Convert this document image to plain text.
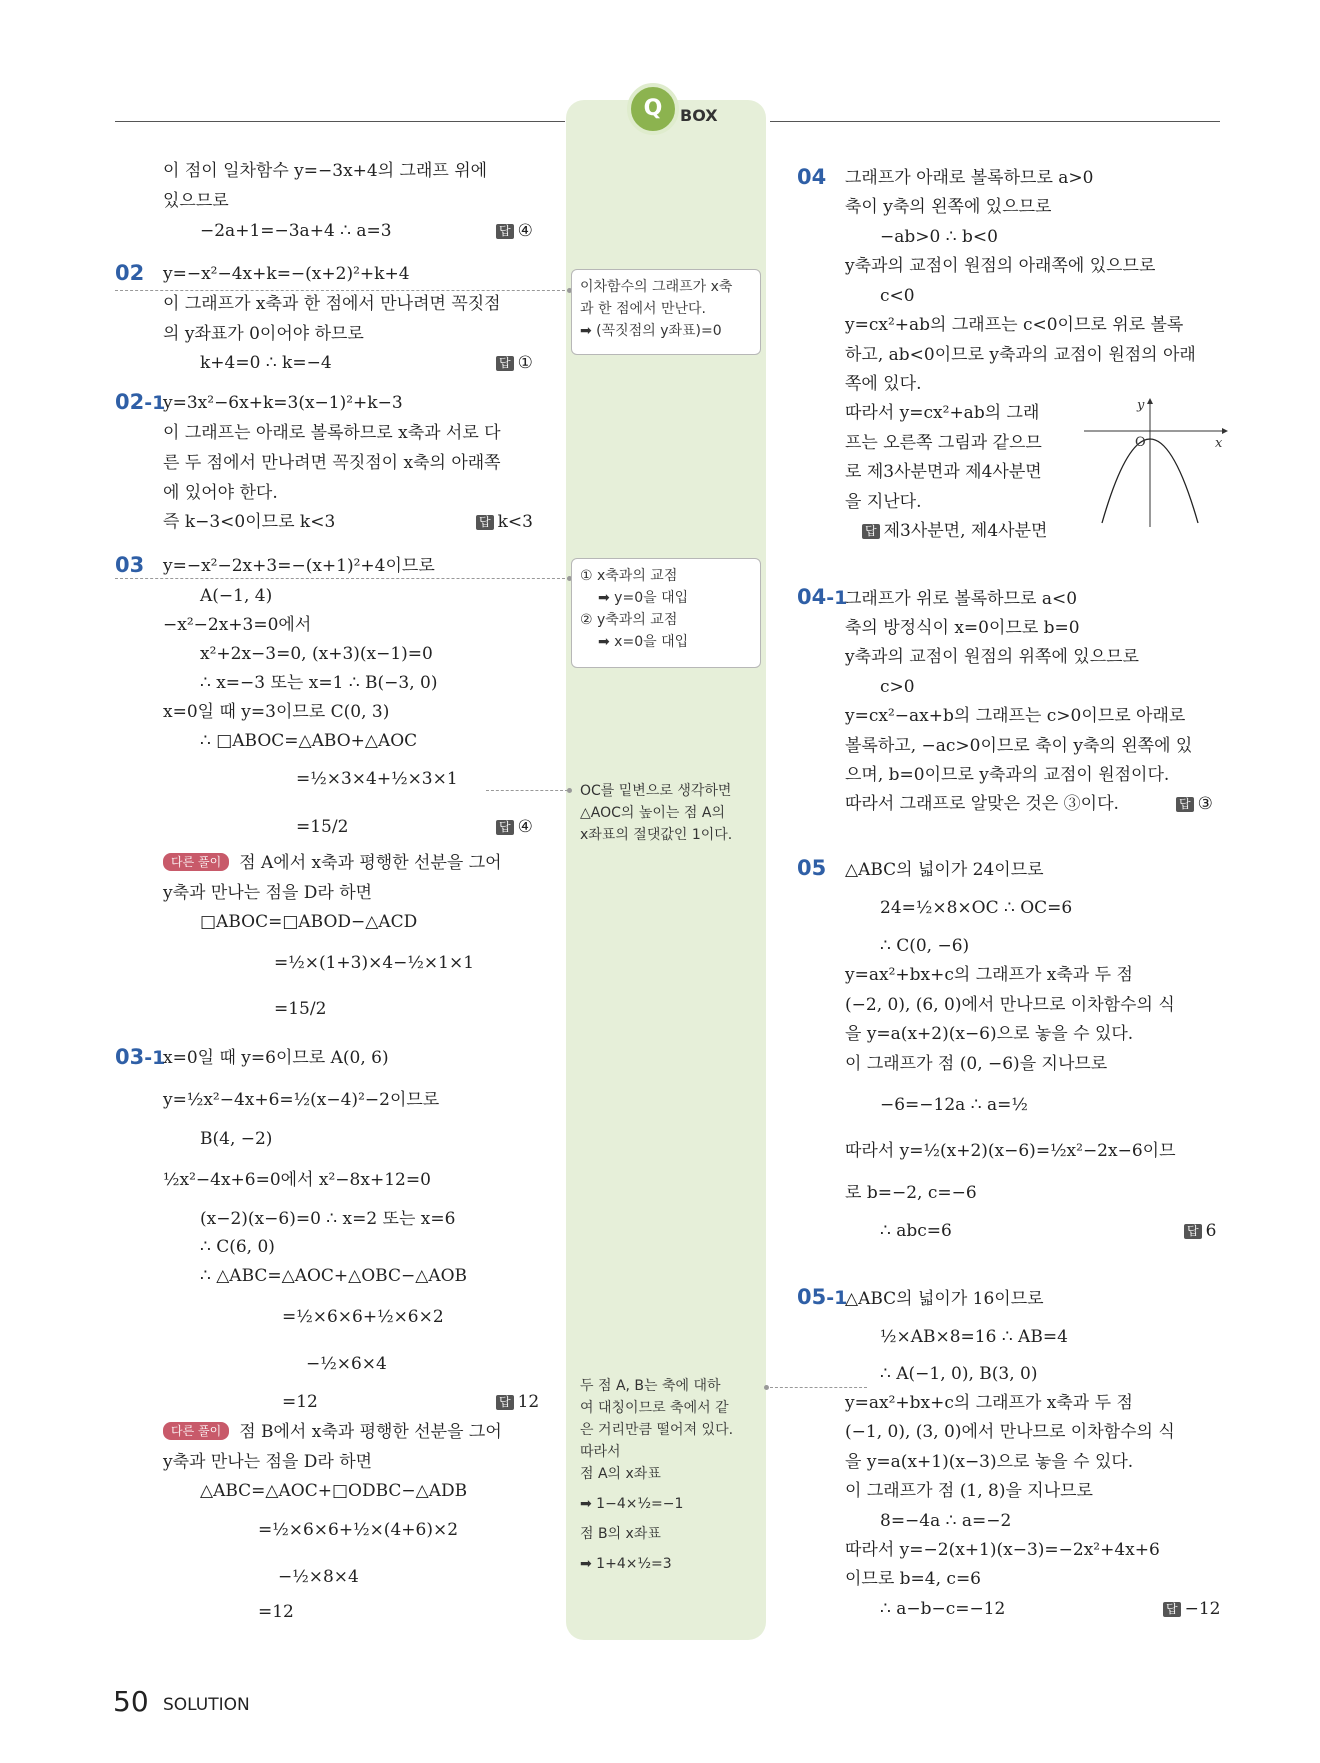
Q	BOX
이 점이 일차함수 y=−3x+4의 그래프 위에
있으므로
−2a+1=−3a+4 ∴ a=3	답 ④
02 y=−x²−4x+k=−(x+2)²+k+4
이 그래프가 x축과 한 점에서 만나려면 꼭짓점
의 y좌표가 0이어야 하므로
k+4=0 ∴ k=−4	답 ①
02-1
y=3x²−6x+k=3(x−1)²+k−3
이 그래프는 아래로 볼록하므로 x축과 서로 다
른 두 점에서 만나려면 꼭짓점이 x축의 아래쪽
에 있어야 한다.
즉 k−3<0이므로 k<3	답 k<3
03 y=−x²−2x+3=−(x+1)²+4이므로
A(−1, 4)
−x²−2x+3=0에서
x²+2x−3=0, (x+3)(x−1)=0
∴ x=−3 또는 x=1 ∴ B(−3, 0)
x=0일 때 y=3이므로 C(0, 3)
∴ □ABOC=△ABO+△AOC
=½×3×4+½×3×1
=15/2	답 ④
다른 풀이 점 A에서 x축과 평행한 선분을 그어
y축과 만나는 점을 D라 하면
□ABOC=□ABOD−△ACD
=½×(1+3)×4−½×1×1
=15/2
03-1
x=0일 때 y=6이므로 A(0, 6)
y=½x²−4x+6=½(x−4)²−2이므로
B(4, −2)
½x²−4x+6=0에서 x²−8x+12=0
(x−2)(x−6)=0 ∴ x=2 또는 x=6
∴ C(6, 0)
∴ △ABC=△AOC+△OBC−△AOB
=½×6×6+½×6×2
−½×6×4
=12	답 12
다른 풀이 점 B에서 x축과 평행한 선분을 그어
y축과 만나는 점을 D라 하면
△ABC=△AOC+□ODBC−△ADB
=½×6×6+½×(4+6)×2
−½×8×4
=12
이차함수의 그래프가 x축
과 한 점에서 만난다.
➡ (꼭짓점의 y좌표)=0
① x축과의 교점
➡ y=0을 대입
② y축과의 교점
➡ x=0을 대입
OC를 밑변으로 생각하면
△AOC의 높이는 점 A의
x좌표의 절댓값인 1이다.
두 점 A, B는 축에 대하
여 대칭이므로 축에서 같
은 거리만큼 떨어져 있다.
따라서
점 A의 x좌표
➡ 1−4×½=−1
점 B의 x좌표
➡ 1+4×½=3
04 그래프가 아래로 볼록하므로 a>0
축이 y축의 왼쪽에 있으므로
−ab>0 ∴ b<0
y축과의 교점이 원점의 아래쪽에 있으므로
c<0
y=cx²+ab의 그래프는 c<0이므로 위로 볼록
하고, ab<0이므로 y축과의 교점이 원점의 아래
쪽에 있다.
따라서 y=cx²+ab의 그래
프는 오른쪽 그림과 같으므
로 제3사분면과 제4사분면
을 지난다.
답 제3사분면, 제4사분면
y
O	x
04-1
그래프가 위로 볼록하므로 a<0
축의 방정식이 x=0이므로 b=0
y축과의 교점이 원점의 위쪽에 있으므로
c>0
y=cx²−ax+b의 그래프는 c>0이므로 아래로
볼록하고, −ac>0이므로 축이 y축의 왼쪽에 있
으며, b=0이므로 y축과의 교점이 원점이다.
따라서 그래프로 알맞은 것은 ③이다.	답 ③
05 △ABC의 넓이가 24이므로
24=½×8×OC ∴ OC=6
∴ C(0, −6)
y=ax²+bx+c의 그래프가 x축과 두 점
(−2, 0), (6, 0)에서 만나므로 이차함수의 식
을 y=a(x+2)(x−6)으로 놓을 수 있다.
이 그래프가 점 (0, −6)을 지나므로
−6=−12a ∴ a=½
따라서 y=½(x+2)(x−6)=½x²−2x−6이므
로 b=−2, c=−6
∴ abc=6	답 6
05-1
△ABC의 넓이가 16이므로
½×AB×8=16 ∴ AB=4
∴ A(−1, 0), B(3, 0)
y=ax²+bx+c의 그래프가 x축과 두 점
(−1, 0), (3, 0)에서 만나므로 이차함수의 식
을 y=a(x+1)(x−3)으로 놓을 수 있다.
이 그래프가 점 (1, 8)을 지나므로
8=−4a ∴ a=−2
따라서 y=−2(x+1)(x−3)=−2x²+4x+6
이므로 b=4, c=6
∴ a−b−c=−12	답 −12
50 SOLUTION
